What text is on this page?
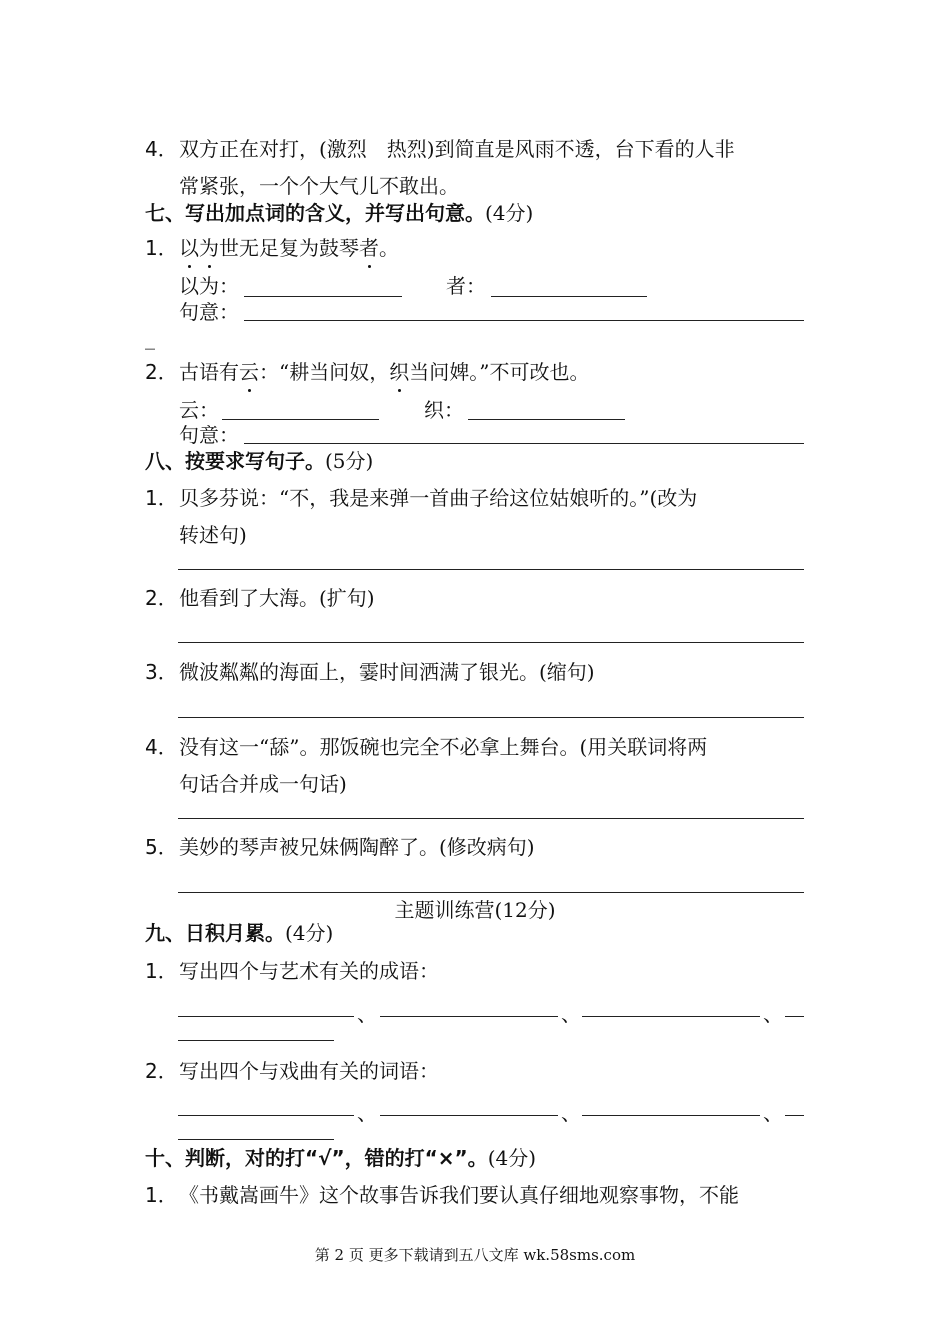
4．双方正在对打，(激烈　热烈)到简直是风雨不透，台下看的人非
常紧张，一个个大气儿不敢出。
七、写出加点词的含义，并写出句意。(4分)
1．以为世无足复为鼓琴者。
以为：	者：
句意：
_
2．古语有云：“耕当问奴，织当问婢。”不可改也。
云：	织：
句意：
八、按要求写句子。(5分)
1．贝多芬说：“不，我是来弹一首曲子给这位姑娘听的。”(改为
转述句)
2．他看到了大海。(扩句)
3．微波粼粼的海面上，霎时间洒满了银光。(缩句)
4．没有这一“舔”。那饭碗也完全不必拿上舞台。(用关联词将两
句话合并成一句话)
5．美妙的琴声被兄妹俩陶醉了。(修改病句)
主题训练营(12分)
九、日积月累。(4分)
1．写出四个与艺术有关的成语：
、	、	、
2．写出四个与戏曲有关的词语：
、	、	、
十、判断，对的打“√”，错的打“×”。(4分)
1．《书戴嵩画牛》这个故事告诉我们要认真仔细地观察事物，不能
第 2 页 更多下载请到五八文库 wk.58sms.com
